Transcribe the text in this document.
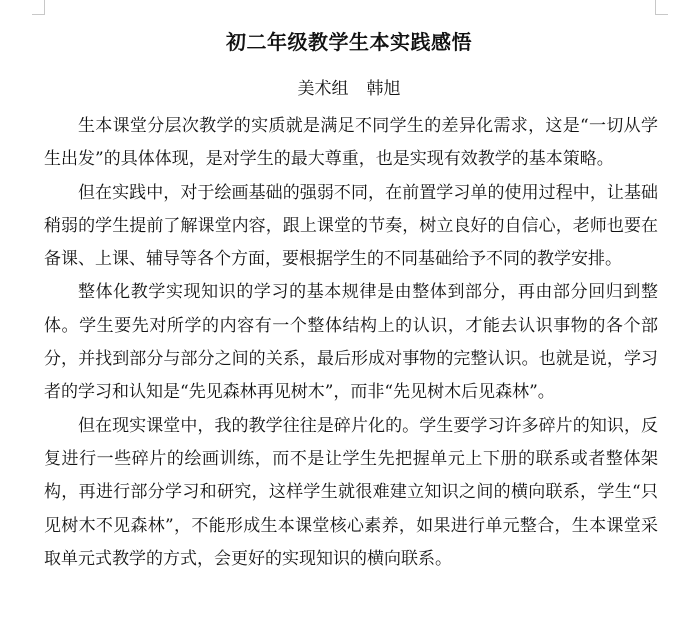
初二年级教学生本实践感悟
美术组 韩旭

生本课堂分层次教学的实质就是满足不同学生的差异化需求，这是“一切从学生出发”的具体体现，是对学生的最大尊重，也是实现有效教学的基本策略。

但在实践中，对于绘画基础的强弱不同，在前置学习单的使用过程中，让基础稍弱的学生提前了解课堂内容，跟上课堂的节奏，树立良好的自信心，老师也要在备课、上课、辅导等各个方面，要根据学生的不同基础给予不同的教学安排。

整体化教学实现知识的学习的基本规律是由整体到部分，再由部分回归到整体。学生要先对所学的内容有一个整体结构上的认识，才能去认识事物的各个部分，并找到部分与部分之间的关系，最后形成对事物的完整认识。也就是说，学习者的学习和认知是“先见森林再见树木”，而非“先见树木后见森林”。

但在现实课堂中，我的教学往往是碎片化的。学生要学习许多碎片的知识，反复进行一些碎片的绘画训练，而不是让学生先把握单元上下册的联系或者整体架构，再进行部分学习和研究，这样学生就很难建立知识之间的横向联系，学生“只见树木不见森林”，不能形成生本课堂核心素养，如果进行单元整合，生本课堂采取单元式教学的方式，会更好的实现知识的横向联系。
